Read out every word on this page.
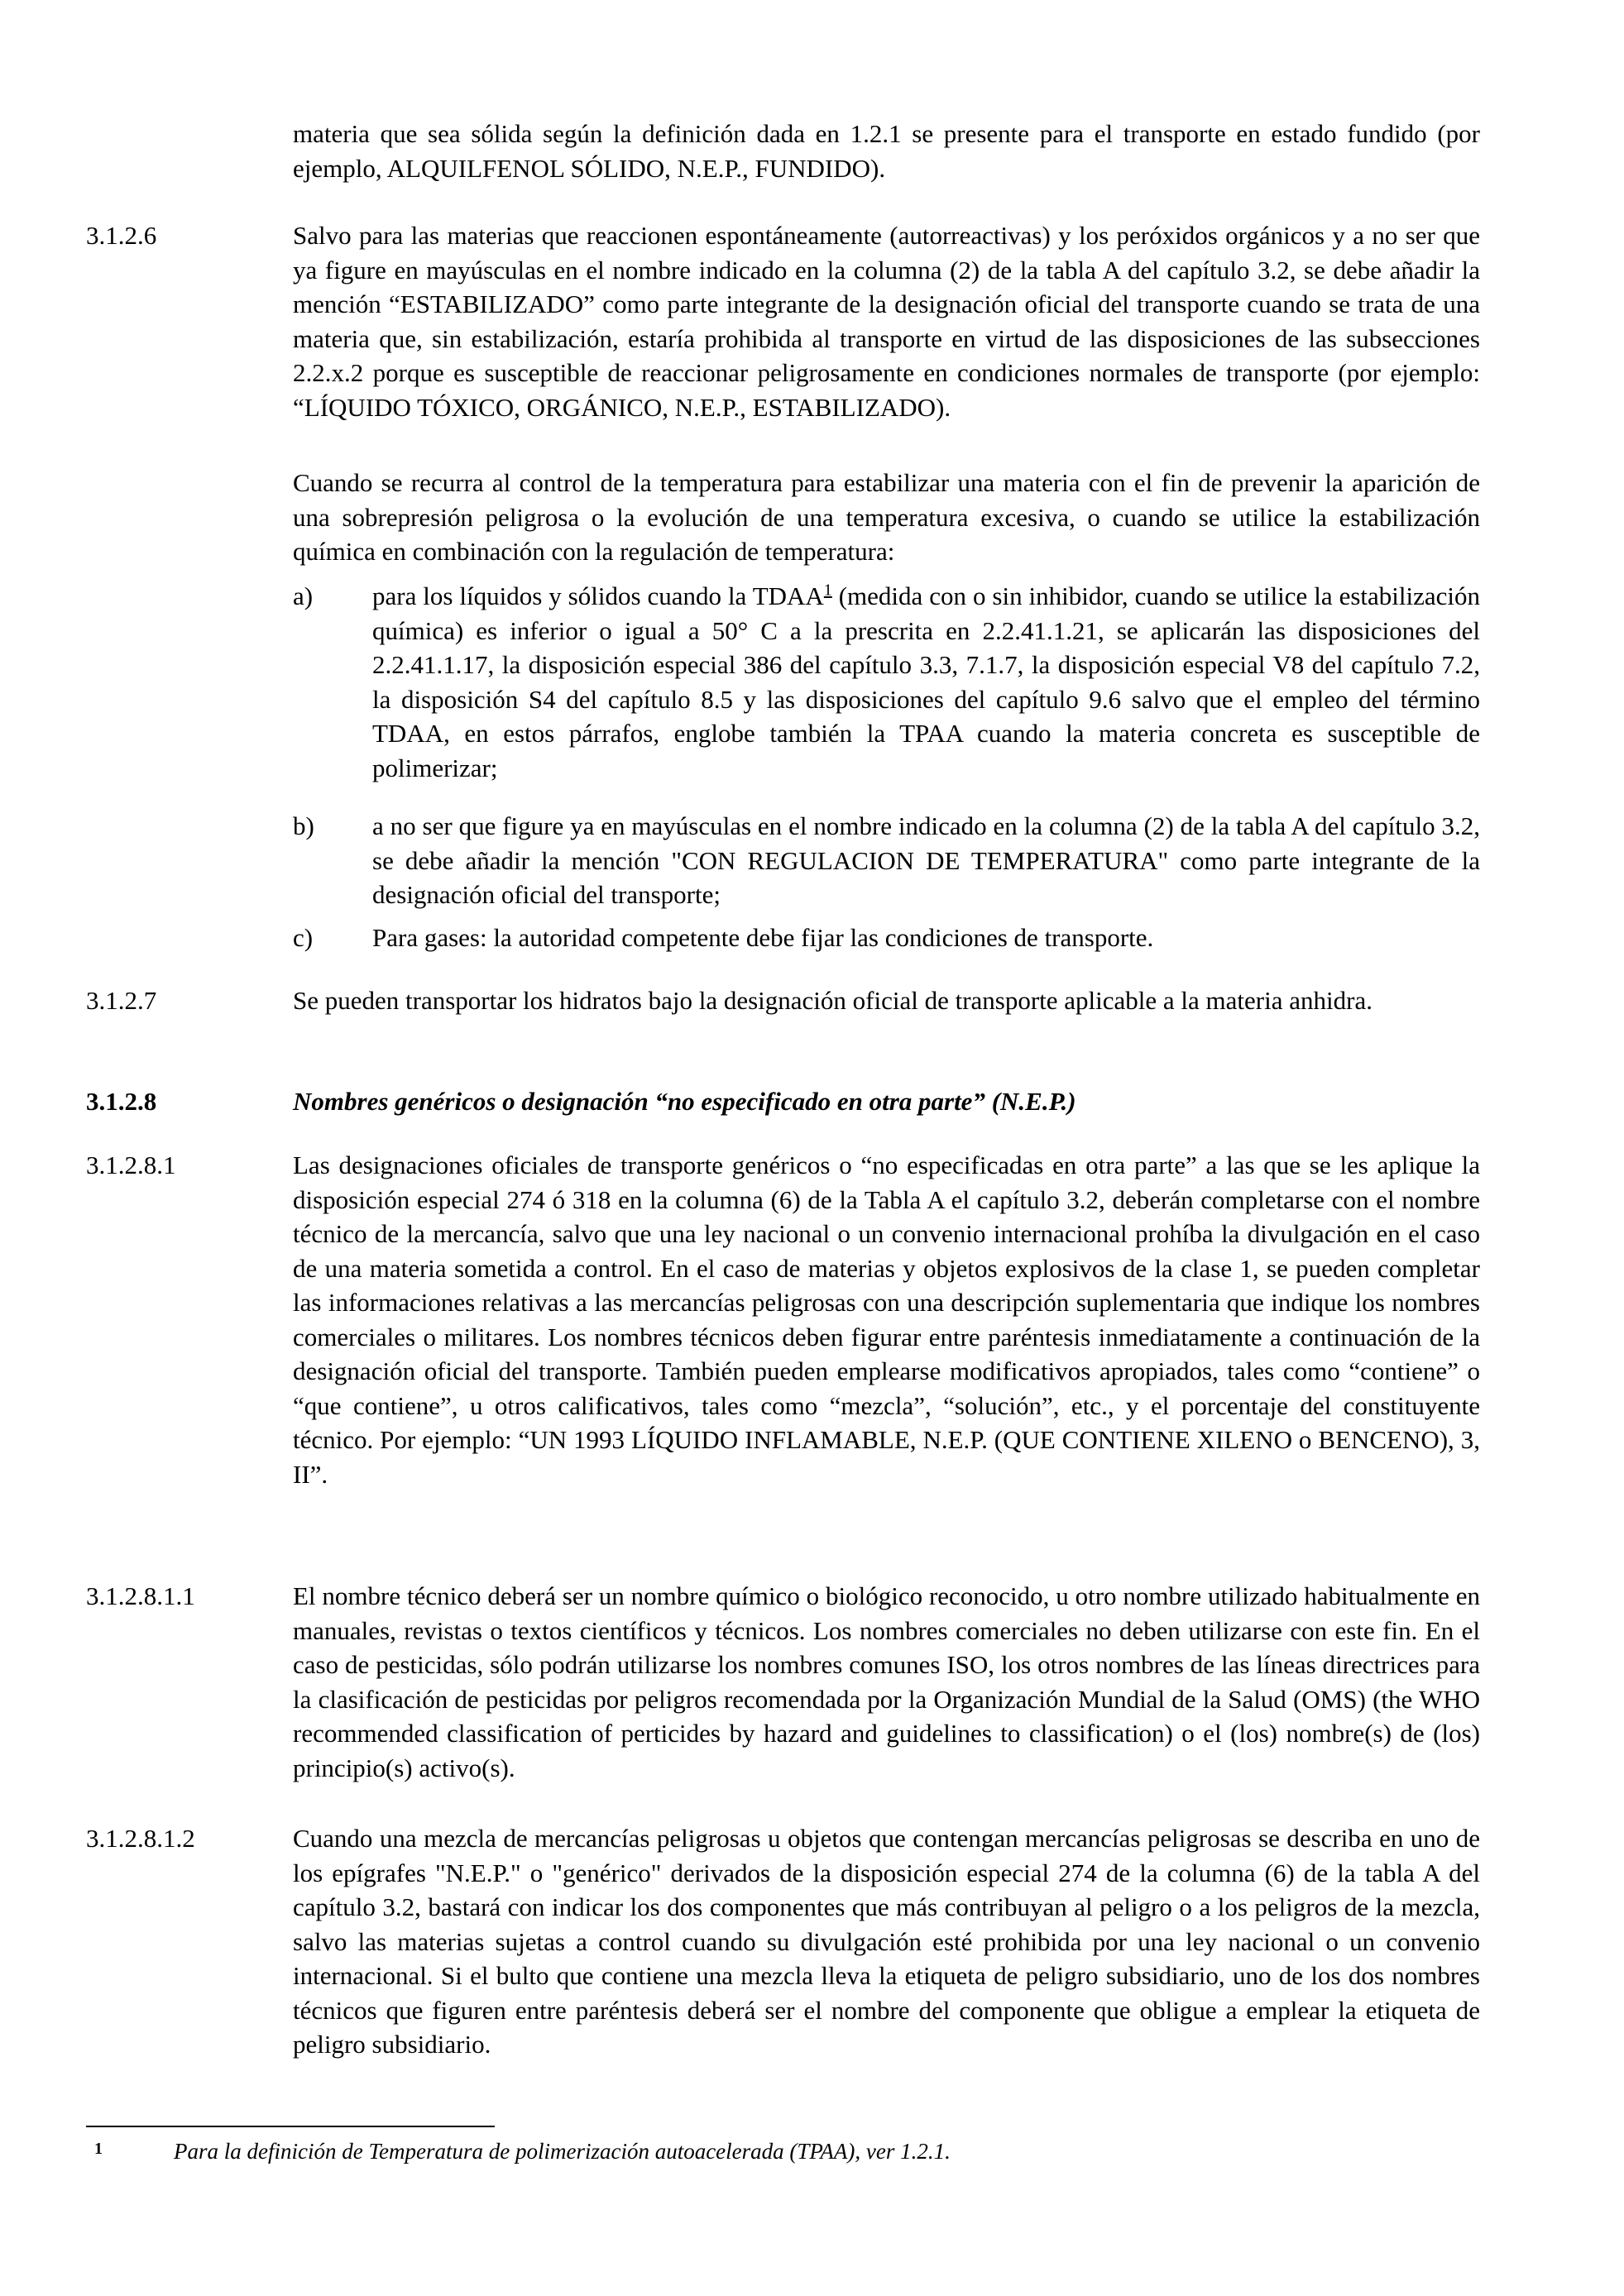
materia que sea sólida según la definición dada en 1.2.1 se presente para el transporte en estado fundido (por ejemplo, ALQUILFENOL SÓLIDO, N.E.P., FUNDIDO).
3.1.2.6	Salvo para las materias que reaccionen espontáneamente (autorreactivas) y los peróxidos orgánicos y a no ser que ya figure en mayúsculas en el nombre indicado en la columna (2) de la tabla A del capítulo 3.2, se debe añadir la mención “ESTABILIZADO” como parte integrante de la designación oficial del transporte cuando se trata de una materia que, sin estabilización, estaría prohibida al transporte en virtud de las disposiciones de las subsecciones 2.2.x.2 porque es susceptible de reaccionar peligrosamente en condiciones normales de transporte (por ejemplo: “LÍQUIDO TÓXICO, ORGÁNICO, N.E.P., ESTABILIZADO).
Cuando se recurra al control de la temperatura para estabilizar una materia con el fin de prevenir la aparición de una sobrepresión peligrosa o la evolución de una temperatura excesiva, o cuando se utilice la estabilización química en combinación con la regulación de temperatura:
a) para los líquidos y sólidos cuando la TDAA$^1$ (medida con o sin inhibidor, cuando se utilice la estabilización química) es inferior o igual a 50° C a la prescrita en 2.2.41.1.21, se aplicarán las disposiciones del 2.2.41.1.17, la disposición especial 386 del capítulo 3.3, 7.1.7, la disposición especial V8 del capítulo 7.2, la disposición S4 del capítulo 8.5 y las disposiciones del capítulo 9.6 salvo que el empleo del término TDAA, en estos párrafos, englobe también la TPAA cuando la materia concreta es susceptible de polimerizar;
b) a no ser que figure ya en mayúsculas en el nombre indicado en la columna (2) de la tabla A del capítulo 3.2, se debe añadir la mención "CON REGULACION DE TEMPERATURA" como parte integrante de la designación oficial del transporte;
c) Para gases: la autoridad competente debe fijar las condiciones de transporte.
3.1.2.7	Se pueden transportar los hidratos bajo la designación oficial de transporte aplicable a la materia anhidra.
3.1.2.8	Nombres genéricos o designación “no especificado en otra parte” (N.E.P.)
3.1.2.8.1	Las designaciones oficiales de transporte genéricos o “no especificadas en otra parte” a las que se les aplique la disposición especial 274 ó 318 en la columna (6) de la Tabla A el capítulo 3.2, deberán completarse con el nombre técnico de la mercancía, salvo que una ley nacional o un convenio internacional prohíba la divulgación en el caso de una materia sometida a control. En el caso de materias y objetos explosivos de la clase 1, se pueden completar las informaciones relativas a las mercancías peligrosas con una descripción suplementaria que indique los nombres comerciales o militares. Los nombres técnicos deben figurar entre paréntesis inmediatamente a continuación de la designación oficial del transporte. También pueden emplearse modificativos apropiados, tales como “contiene” o “que contiene”, u otros calificativos, tales como “mezcla”, “solución”, etc., y el porcentaje del constituyente técnico. Por ejemplo: “UN 1993 LÍQUIDO INFLAMABLE, N.E.P. (QUE CONTIENE XILENO o BENCENO), 3, II”.
3.1.2.8.1.1	El nombre técnico deberá ser un nombre químico o biológico reconocido, u otro nombre utilizado habitualmente en manuales, revistas o textos científicos y técnicos. Los nombres comerciales no deben utilizarse con este fin. En el caso de pesticidas, sólo podrán utilizarse los nombres comunes ISO, los otros nombres de las líneas directrices para la clasificación de pesticidas por peligros recomendada por la Organización Mundial de la Salud (OMS) (the WHO recommended classification of perticides by hazard and guidelines to classification) o el (los) nombre(s) de (los) principio(s) activo(s).
3.1.2.8.1.2	Cuando una mezcla de mercancías peligrosas u objetos que contengan mercancías peligrosas se describa en uno de los epígrafes "N.E.P." o "genérico" derivados de la disposición especial 274 de la columna (6) de la tabla A del capítulo 3.2, bastará con indicar los dos componentes que más contribuyan al peligro o a los peligros de la mezcla, salvo las materias sujetas a control cuando su divulgación esté prohibida por una ley nacional o un convenio internacional. Si el bulto que contiene una mezcla lleva la etiqueta de peligro subsidiario, uno de los dos nombres técnicos que figuren entre paréntesis deberá ser el nombre del componente que obligue a emplear la etiqueta de peligro subsidiario.
1	Para la definición de Temperatura de polimerización autoacelerada (TPAA), ver 1.2.1.
